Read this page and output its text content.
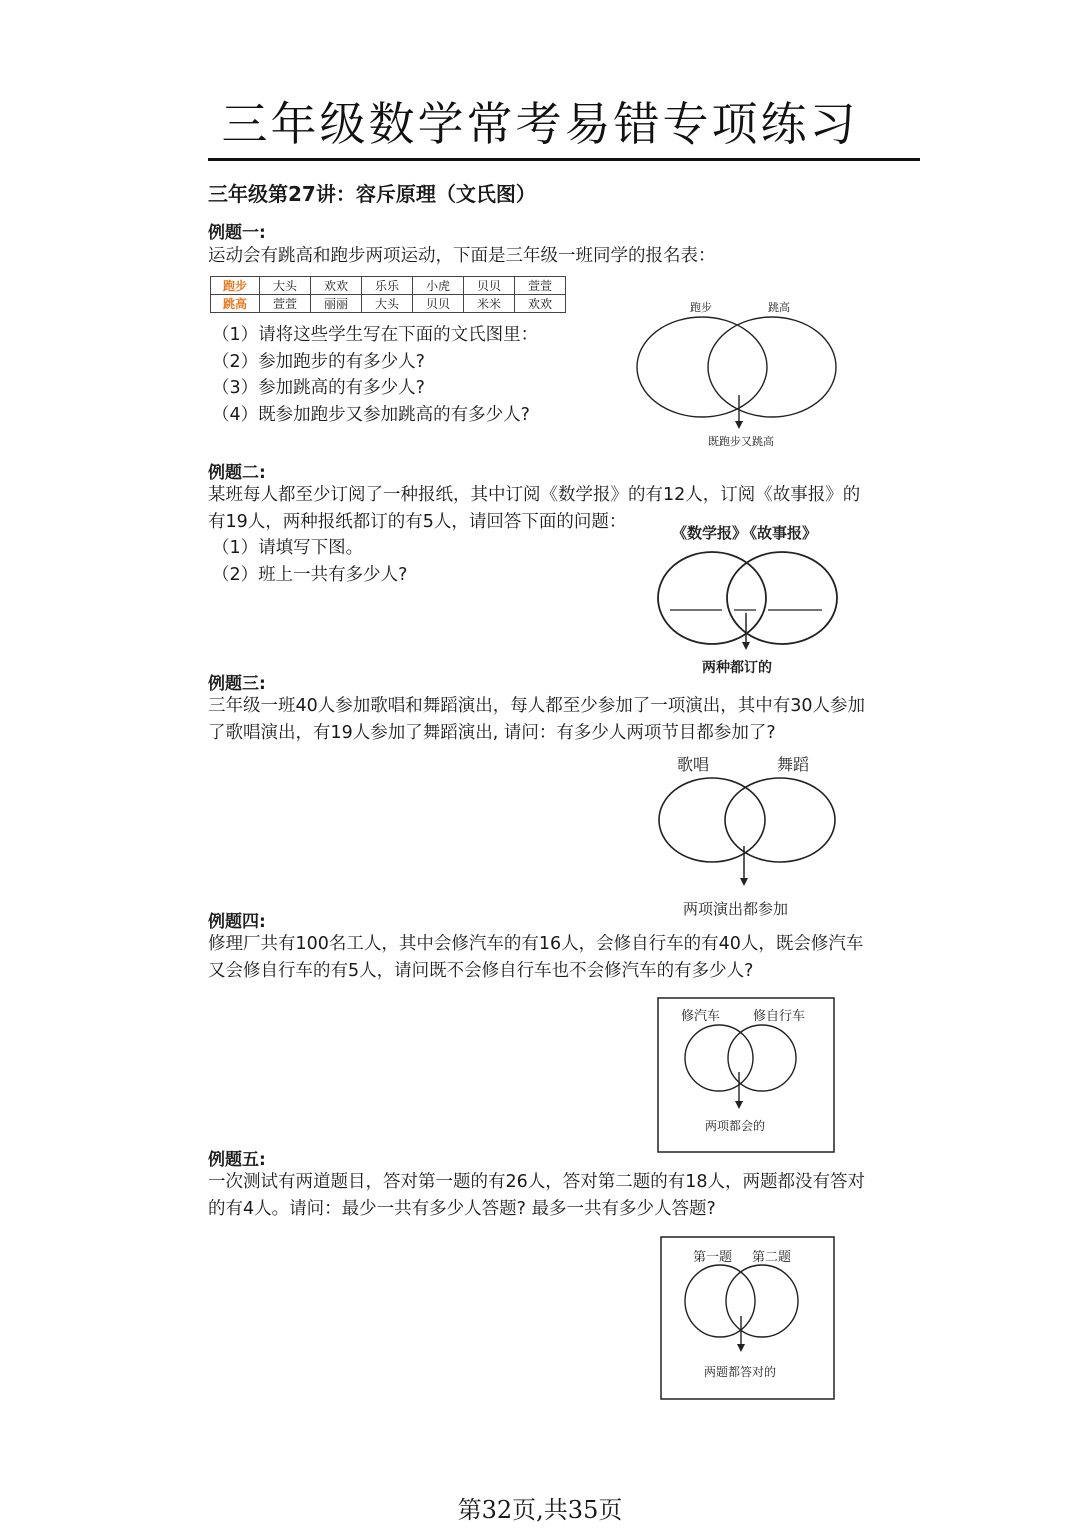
三年级数学常考易错专项练习
三年级第27讲：容斥原理（文氏图）
例题一:
运动会有跳高和跑步两项运动，下面是三年级一班同学的报名表：
跑步	大头	欢欢	乐乐	小虎	贝贝	萱萱
跳高	萱萱	丽丽	大头	贝贝	米米	欢欢
（1）请将这些学生写在下面的文氏图里：
（2）参加跑步的有多少人?
（3）参加跳高的有多少人?
（4）既参加跑步又参加跳高的有多少人?
跑步	跳高
既跑步又跳高
例题二:

某班每人都至少订阅了一种报纸，其中订阅《数学报》的有12人，订阅《故事报》的

有19人，两种报纸都订的有5人，请回答下面的问题：

（1）请填写下图。
（2）班上一共有多少人?
《数学报》
《故事报》
两种都订的
例题三:

三年级一班40人参加歌唱和舞蹈演出，每人都至少参加了一项演出，其中有30人参加

了歌唱演出，有19人参加了舞蹈演出, 请问：有多少人两项节目都参加了?

歌唱	舞蹈
两项演出都参加
例题四:

修理厂共有100名工人，其中会修汽车的有16人，会修自行车的有40人，既会修汽车

又会修自行车的有5人，请问既不会修自行车也不会修汽车的有多少人?

修汽车	修自行车
两项都会的
例题五:

一次测试有两道题目，答对第一题的有26人，答对第二题的有18人，两题都没有答对

的有4人。请问：最少一共有多少人答题? 最多一共有多少人答题?

第一题 第二题
两题都答对的
第32页,共35页
